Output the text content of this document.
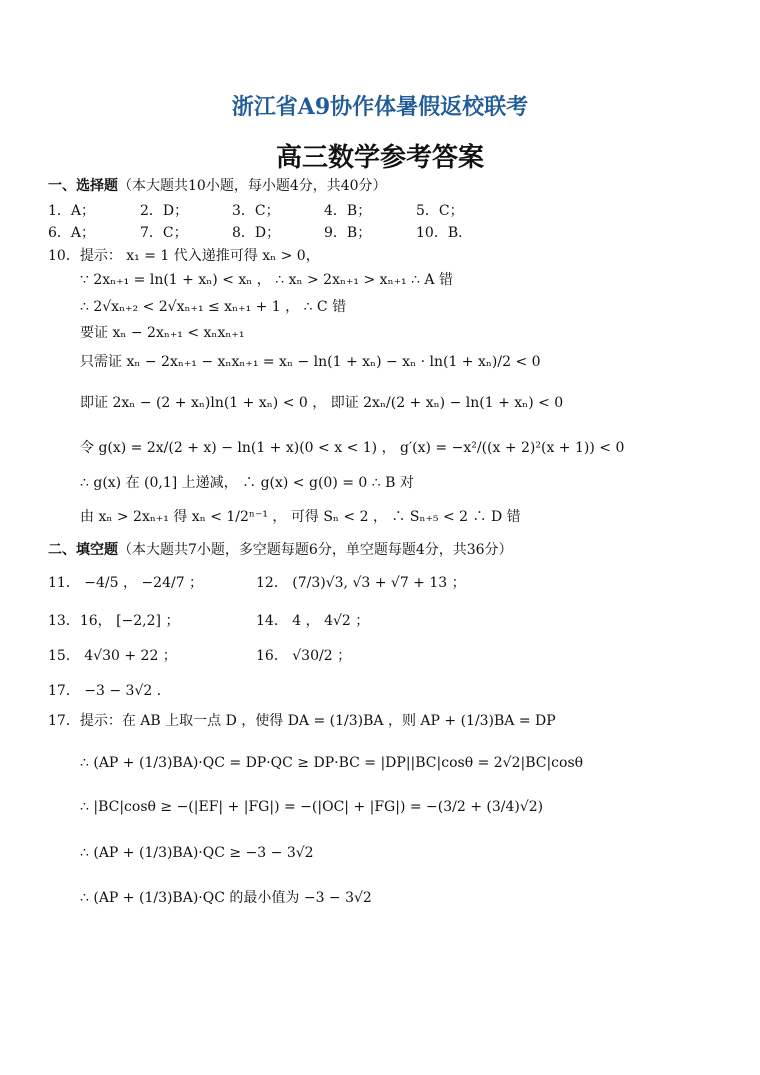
浙江省A9协作体暑假返校联考
高三数学参考答案
一、选择题（本大题共10小题，每小题4分，共40分）
1．A；	2．D；	3．C；	4．B；	5．C；
6．A；	7．C；	8．D；	9．B；	10．B．
10．提示： x₁ = 1 代入递推可得 xₙ > 0，
∵ 2xₙ₊₁ = ln(1 + xₙ) < xₙ ， ∴ xₙ > 2xₙ₊₁ > xₙ₊₁ ∴ A 错
∴ 2√xₙ₊₂ < 2√xₙ₊₁ ≤ xₙ₊₁ + 1 ， ∴ C 错
要证 xₙ − 2xₙ₊₁ < xₙxₙ₊₁
只需证 xₙ − 2xₙ₊₁ − xₙxₙ₊₁ = xₙ − ln(1 + xₙ) − xₙ · ln(1 + xₙ)/2 < 0
即证 2xₙ − (2 + xₙ)ln(1 + xₙ) < 0 ， 即证 2xₙ/(2 + xₙ) − ln(1 + xₙ) < 0
令 g(x) = 2x/(2 + x) − ln(1 + x)(0 < x < 1) ， g′(x) = −x²/((x + 2)²(x + 1)) < 0
∴ g(x) 在 (0,1] 上递减， ∴ g(x) < g(0) = 0 ∴ B 对
由 xₙ > 2xₙ₊₁ 得 xₙ < 1/2ⁿ⁻¹ ， 可得 Sₙ < 2 ， ∴ Sₙ₊₅ < 2 ∴ D 错
二、填空题（本大题共7小题，多空题每题6分，单空题每题4分，共36分）
11． −4/5 ， −24/7 ；	12． (7/3)√3, √3 + √7 + 13 ；
13．16， [−2,2] ；	14． 4 ， 4√2 ；
15． 4√30 + 22 ；	16． √30/2 ；
17． −3 − 3√2 ．
17．提示：在 AB 上取一点 D ，使得 DA = (1/3)BA ，则 AP + (1/3)BA = DP
∴ (AP + (1/3)BA)·QC = DP·QC ≥ DP·BC = |DP||BC|cosθ = 2√2|BC|cosθ
∴ |BC|cosθ ≥ −(|EF| + |FG|) = −(|OC| + |FG|) = −(3/2 + (3/4)√2)
∴ (AP + (1/3)BA)·QC ≥ −3 − 3√2
∴ (AP + (1/3)BA)·QC 的最小值为 −3 − 3√2
